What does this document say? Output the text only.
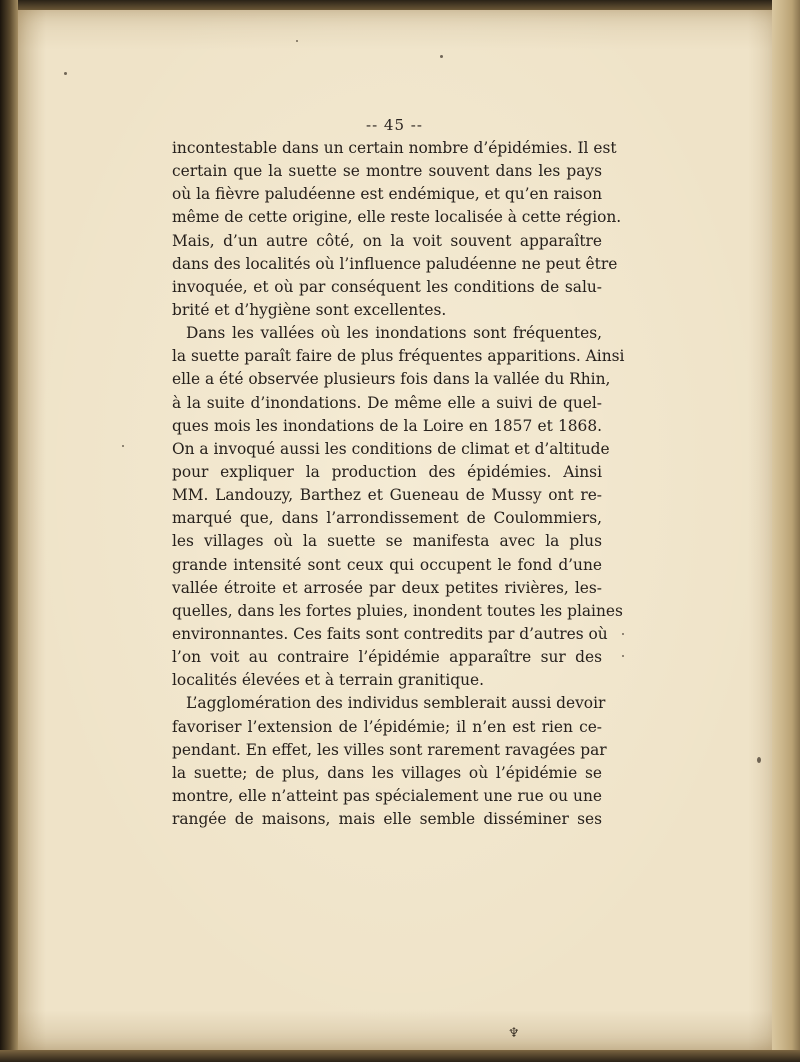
-- 45 --
incontestable dans un certain nombre d’épidémies. Il est
certain que la suette se montre souvent dans les pays
où la fièvre paludéenne est endémique, et qu’en raison
même de cette origine, elle reste localisée à cette région.
Mais, d’un autre côté, on la voit souvent apparaître
dans des localités où l’influence paludéenne ne peut être
invoquée, et où par conséquent les conditions de salu-
brité et d’hygiène sont excellentes.
Dans les vallées où les inondations sont fréquentes,
la suette paraît faire de plus fréquentes apparitions. Ainsi
elle a été observée plusieurs fois dans la vallée du Rhin,
à la suite d’inondations. De même elle a suivi de quel-
ques mois les inondations de la Loire en 1857 et 1868.
On a invoqué aussi les conditions de climat et d’altitude
pour expliquer la production des épidémies. Ainsi
MM. Landouzy, Barthez et Gueneau de Mussy ont re-
marqué que, dans l’arrondissement de Coulommiers,
les villages où la suette se manifesta avec la plus
grande intensité sont ceux qui occupent le fond d’une
vallée étroite et arrosée par deux petites rivières, les-
quelles, dans les fortes pluies, inondent toutes les plaines
environnantes. Ces faits sont contredits par d’autres où
l’on voit au contraire l’épidémie apparaître sur des
localités élevées et à terrain granitique.
L’agglomération des individus semblerait aussi devoir
favoriser l’extension de l’épidémie; il n’en est rien ce-
pendant. En effet, les villes sont rarement ravagées par
la suette; de plus, dans les villages où l’épidémie se
montre, elle n’atteint pas spécialement une rue ou une
rangée de maisons, mais elle semble disséminer ses
♆
